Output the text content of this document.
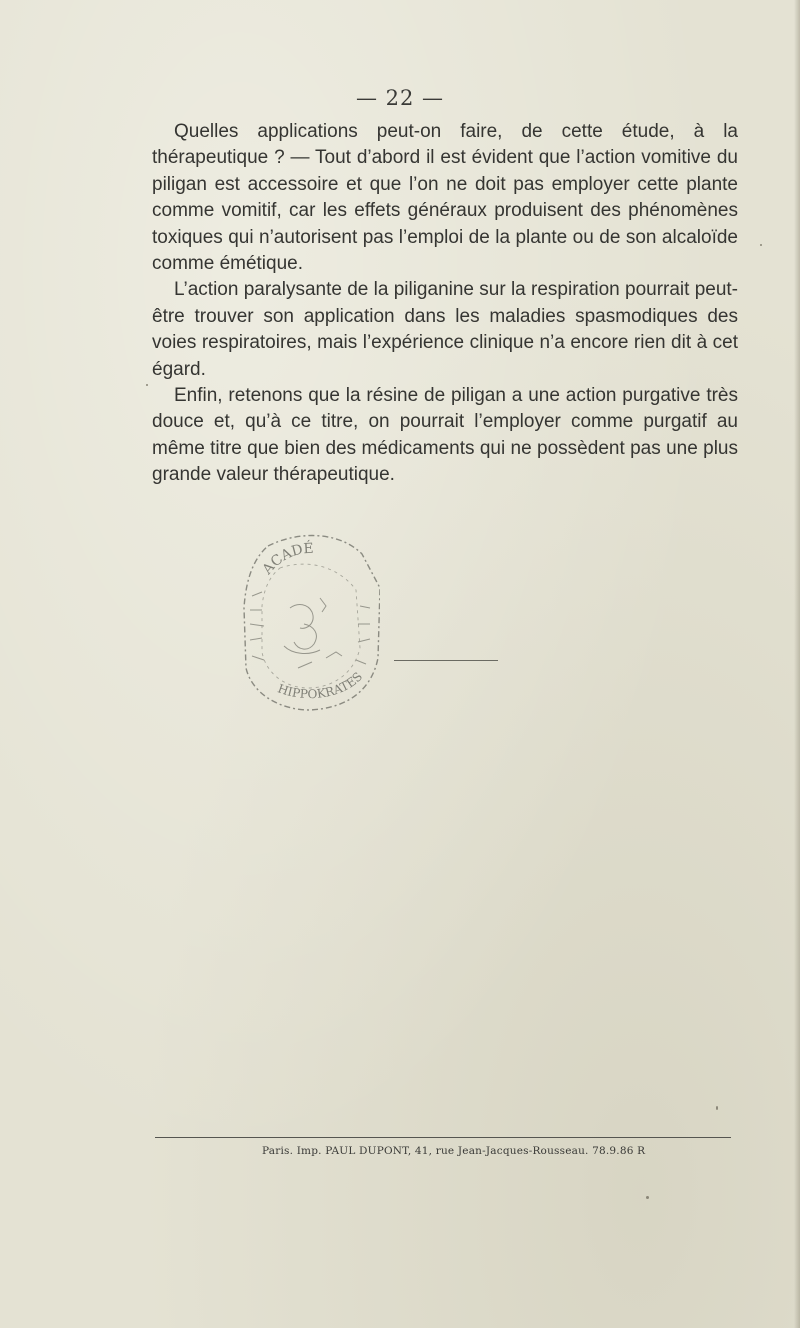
— 22 —

Quelles applications peut-on faire, de cette étude, à la thérapeutique ? — Tout d’abord il est évident que l’action vomitive du piligan est accessoire et que l’on ne doit pas employer cette plante comme vomitif, car les effets généraux produisent des phénomènes toxiques qui n’autorisent pas l’emploi de la plante ou de son alcaloïde comme émétique.

L’action paralysante de la piliganine sur la respiration pourrait peut-être trouver son application dans les maladies spasmodiques des voies respiratoires, mais l’expérience clinique n’a encore rien dit à cet égard.

Enfin, retenons que la résine de piligan a une action purgative très douce et, qu’à ce titre, on pourrait l’employer comme purgatif au même titre que bien des médicaments qui ne possèdent pas une plus grande valeur thérapeutique.

ACADÉ
HIPPOKRATES
Paris. Imp. PAUL DUPONT, 41, rue Jean-Jacques-Rousseau. 78.9.86 R
